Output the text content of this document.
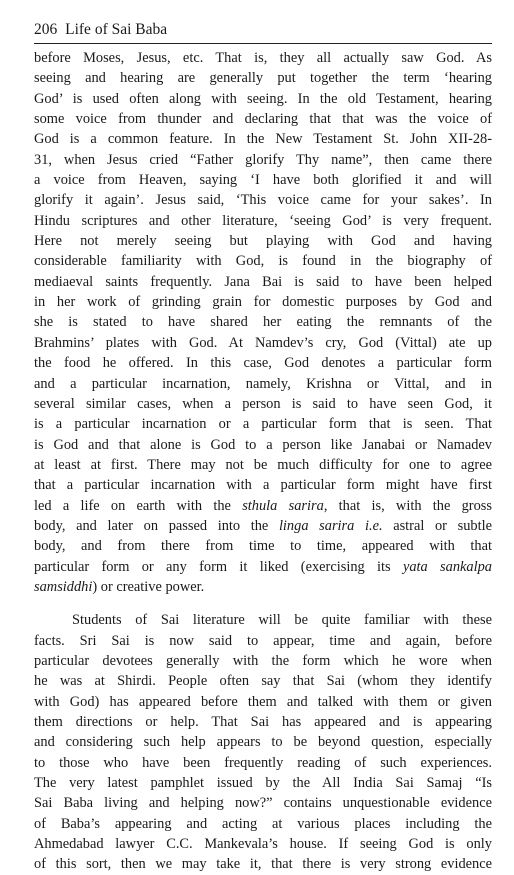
206 Life of Sai Baba
before Moses, Jesus, etc. That is, they all actually saw God. As
seeing and hearing are generally put together the term ‘hearing
God’ is used often along with seeing. In the old Testament, hearing
some voice from thunder and declaring that that was the voice of
God is a common feature. In the New Testament St. John XII-28-
31, when Jesus cried “Father glorify Thy name”, then came there
a voice from Heaven, saying ‘I have both glorified it and will
glorify it again’. Jesus said, ‘This voice came for your sakes’. In
Hindu scriptures and other literature, ‘seeing God’ is very frequent.
Here not merely seeing but playing with God and having
considerable familiarity with God, is found in the biography of
mediaeval saints frequently. Jana Bai is said to have been helped
in her work of grinding grain for domestic purposes by God and
she is stated to have shared her eating the remnants of the
Brahmins’ plates with God. At Namdev’s cry, God (Vittal) ate up
the food he offered. In this case, God denotes a particular form
and a particular incarnation, namely, Krishna or Vittal, and in
several similar cases, when a person is said to have seen God, it
is a particular incarnation or a particular form that is seen. That
is God and that alone is God to a person like Janabai or Namadev
at least at first. There may not be much difficulty for one to agree
that a particular incarnation with a particular form might have first
led a life on earth with the sthula sarira, that is, with the gross
body, and later on passed into the linga sarira i.e. astral or subtle
body, and from there from time to time, appeared with that
particular form or any form it liked (exercising its yata sankalpa
samsiddhi) or creative power.
Students of Sai literature will be quite familiar with these
facts. Sri Sai is now said to appear, time and again, before
particular devotees generally with the form which he wore when
he was at Shirdi. People often say that Sai (whom they identify
with God) has appeared before them and talked with them or given
them directions or help. That Sai has appeared and is appearing
and considering such help appears to be beyond question, especially
to those who have been frequently reading of such experiences.
The very latest pamphlet issued by the All India Sai Samaj “Is
Sai Baba living and helping now?” contains unquestionable evidence
of Baba’s appearing and acting at various places including the
Ahmedabad lawyer C.C. Mankevala’s house. If seeing God is only
of this sort, then we may take it, that there is very strong evidence
